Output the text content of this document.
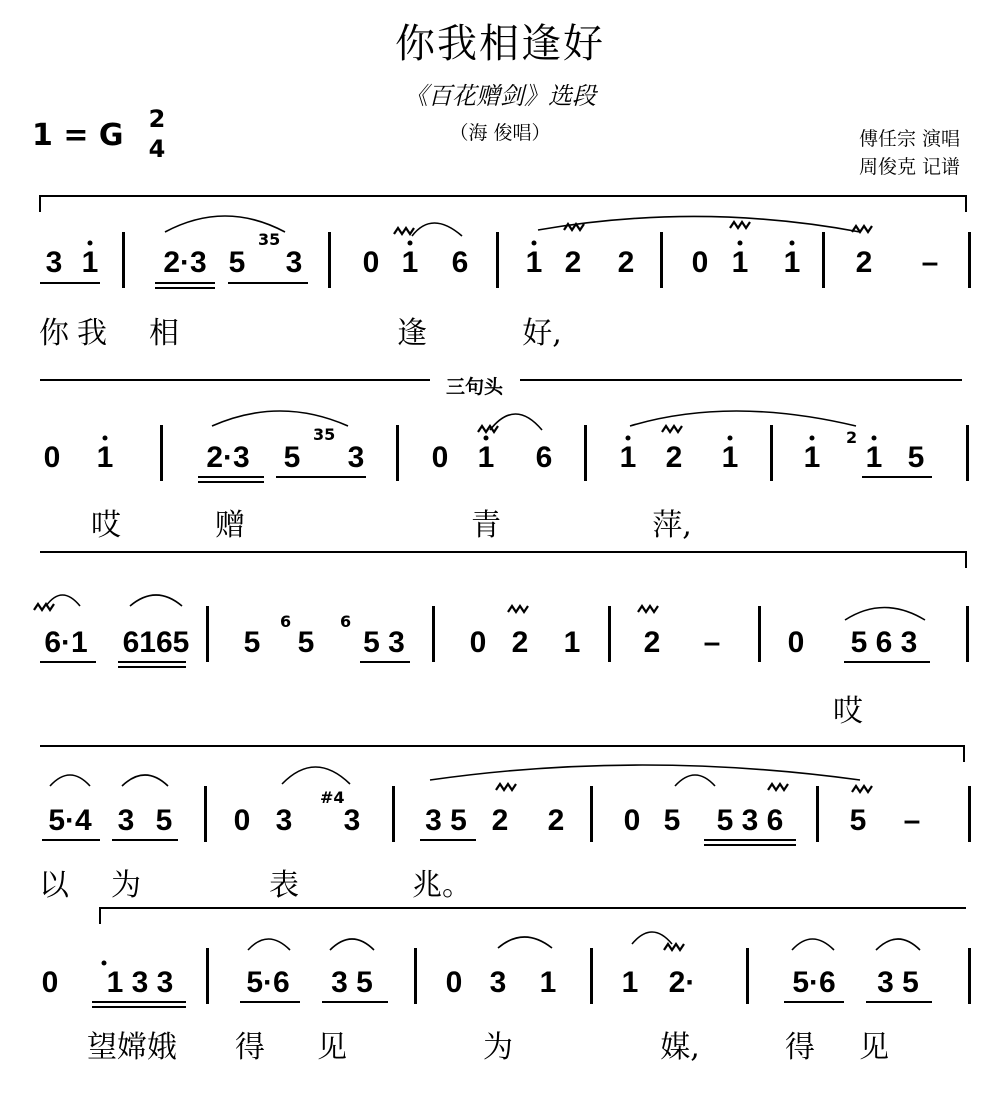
你我相逢好
《百花赠剑》选段
（海 俊唱）
1 = G 2
4	傅任宗 演唱
周俊克 记谱
3 1 2·3 5
35
3 0 1 6 1 2 2 0 1 1 2 –
你 我 相	逢	好,
三句头
0 1	2·3 5
35
3 0 1 6 1 2 1 1
2
1 5
哎	赠	青	萍,
6·1 6165 5
6
5
6
5 3 0 2 1 2 – 0 5 6 3
哎
5·4 3 5 0 3
#4
3 3 5 2 2 0 5 5 3 6 5 –
以 为	表	兆。
0 1 3 3 5·6 3 5 0 3 1 1 2·	5·6 3 5
望嫦娥 得 见	为	媒,	得 见
